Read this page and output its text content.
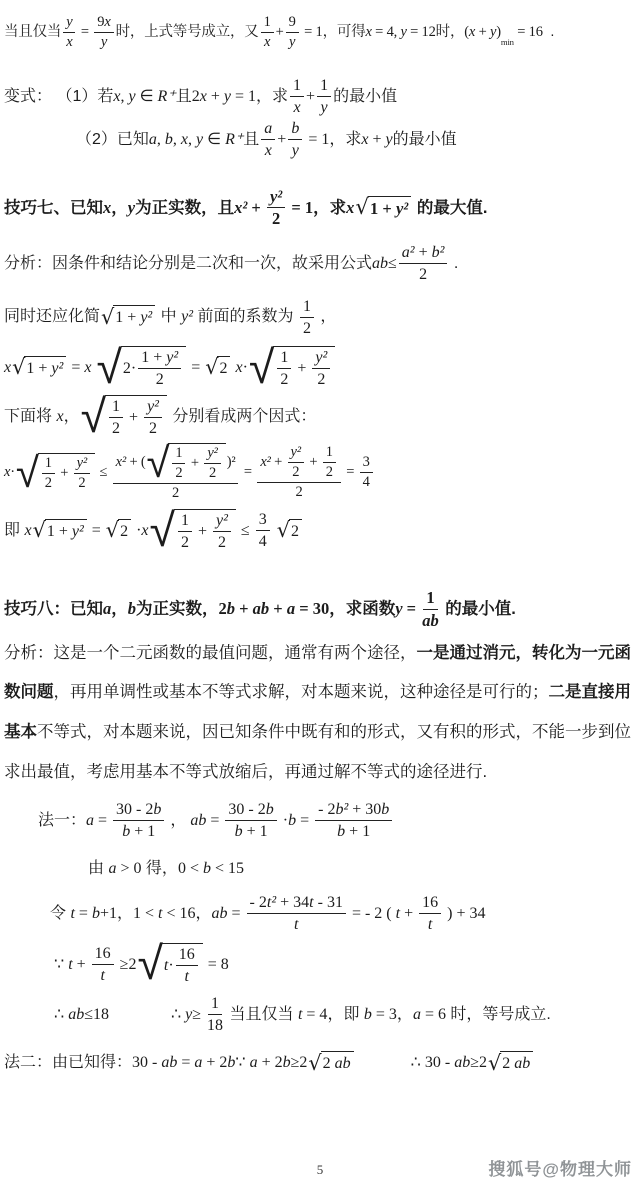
当且仅当 $\frac{y}{x} = \frac{9 x}{y}$ 时，上式等号成立，又 $\frac{1}{x} + \frac{9}{y} = 1$ ，可得 x = 4, y = 12 时， ( x + y )
$_{min}$
= 16 .
变式： （1）若 x , y ∈ R⁺ 且 2 x + y = 1 ，求 $\frac{1}{x} + \frac{1}{y}$ 的最小值
（2）已知 a , b , x , y ∈ R⁺ 且 $\frac{a}{x} + \frac{b}{y} = 1$ ，求 x + y 的最小值
技巧七、已知 x ， y 为正实数，且 $x^2 + \frac{\text{y²}}{2} = 1$ ，求 x √ 1 + y² 的最大值.
分析：因条件和结论分别是二次和一次，故采用公式 ab ≤ $\frac{\text{a² + b²}}{2}$ .
同时还应化简 √ 1 + y² 中 y² 前面的系数为 $\frac{1}{2}$ ，
x √ 1 + y² = x
√ $2\cdot \frac{\text{1 + y²}}{2}$ = √ 2
x · √ $\frac{1}{2} + \frac{\text{y²}}{2}$
下面将 x ， √ $\frac{1}{2} + \frac{\text{y²}}{2}$ 分别看成两个因式：
x · √ $\frac{1}{2} + \frac{\text{y²}}{2} \le \frac{x^2 + ( √ \frac{1}{2} + \frac{\text{y²}}{2} )^2}{2} = \frac{x^2 + \frac{\text{y²}}{2} + \frac{1}{2}}{2} = \frac{3}{4}$
即 x √ 1 + y² = √ 2 · x √ $\frac{1}{2} + \frac{\text{y²}}{2} \le \frac{3}{4}$
√ 2
技巧八：已知 a ， b 为正实数， 2 b + ab + a = 30 ，求函数 $y = \frac{1}{ab}$ 的最小值.
分析：这是一个二元函数的最值问题，通常有两个途径， 一是通过消元，转化为一元函
数问题 ，再用单调性或基本不等式求解，对本题来说，这种途径是可行的； 二是直接用
基本 不等式，对本题来说，因已知条件中既有和的形式，又有积的形式，不能一步到位
求出最值，考虑用基本不等式放缩后，再通过解不等式的途径进行.
法一： $a = \frac{30 - 2 b}{b + 1}$ ， ab = $\frac{30 - 2 b}{b + 1} \cdot b = \frac{\text{- 2 b² + 30 b}}{b + 1}$
由 a > 0 得， 0 < b < 15
令 t = b +1 ， 1 < t < 16 ， ab = $\frac{\text{- 2 t² + 34 t - 31}}{t}$ = - 2 ( $t + \frac{16}{t}$ ) + 34
∵ $t + \frac{16}{t} \ge 2$ √ $t \cdot \frac{16}{t} = 8$
∴ ab ≤18	∴ $y \ge \frac{1}{18}$ 当且仅当 t = 4 ，即 b = 3 ， a = 6 时，等号成立.
法二：由已知得： 30 - ab = a + 2 b ∵ a + 2 b ≥2 √ 2 ab	∴ 30 - ab ≥2 √ 2 ab
5	搜狐号@物理大师
